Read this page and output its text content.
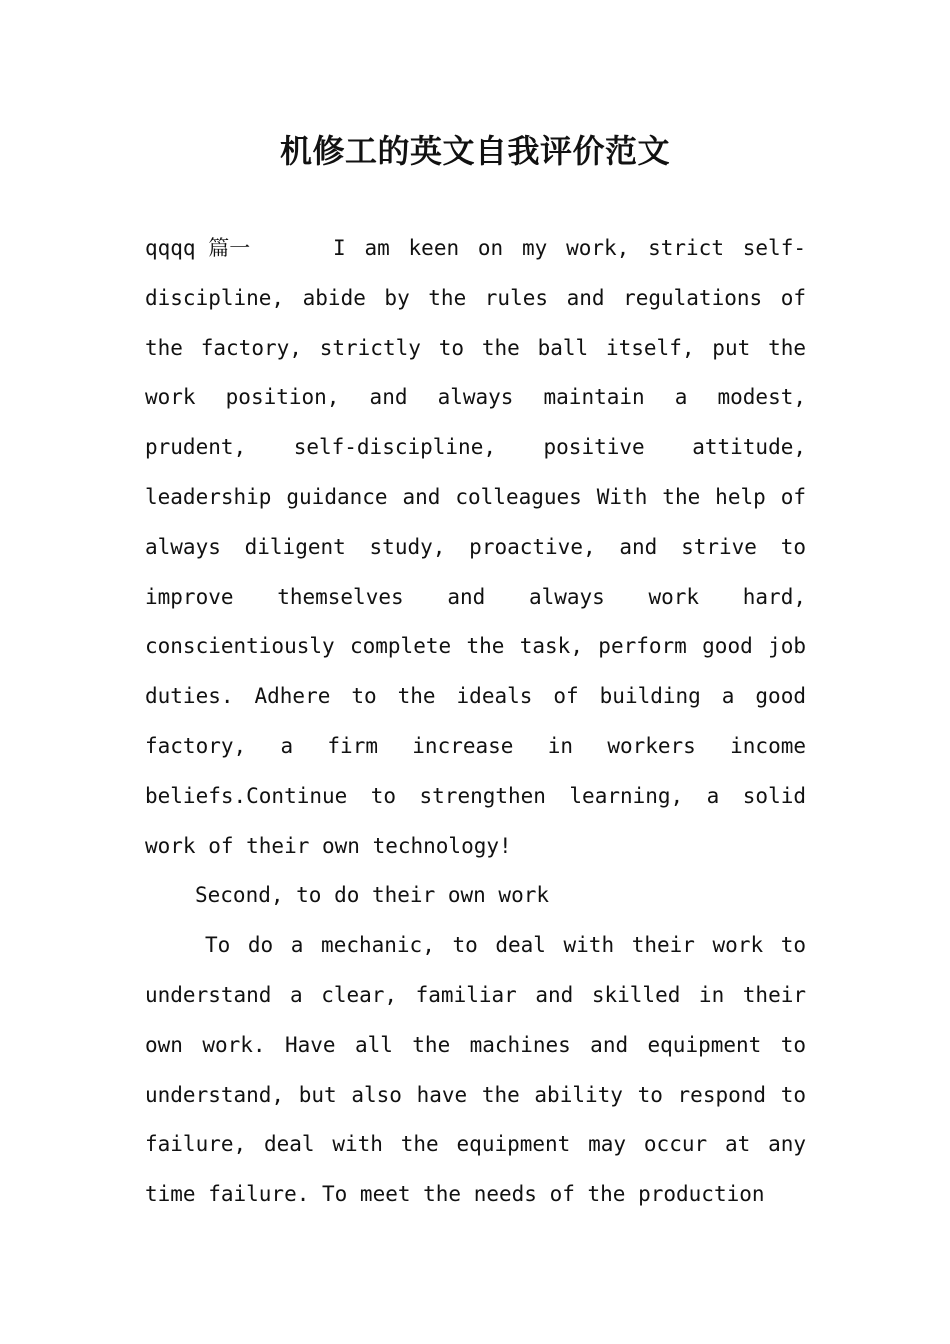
机修工的英文自我评价范文

qqqq 篇一	I am keen on my work, strict self-discipline, abide by the rules and regulations of the factory, strictly to the ball itself, put the work position, and always maintain a modest, prudent, self-discipline, positive attitude, leadership guidance and colleagues With the help of always diligent study, proactive, and strive to improve themselves and always work hard, conscientiously complete the task, perform good job duties. Adhere to the ideals of building a good factory, a firm increase in workers income beliefs.Continue to strengthen learning, a solid work of their own technology!

Second, to do their own work

To do a mechanic, to deal with their work to understand a clear, familiar and skilled in their own work. Have all the machines and equipment to understand, but also have the ability to respond to failure, deal with the equipment may occur at any time failure. To meet the needs of the production
